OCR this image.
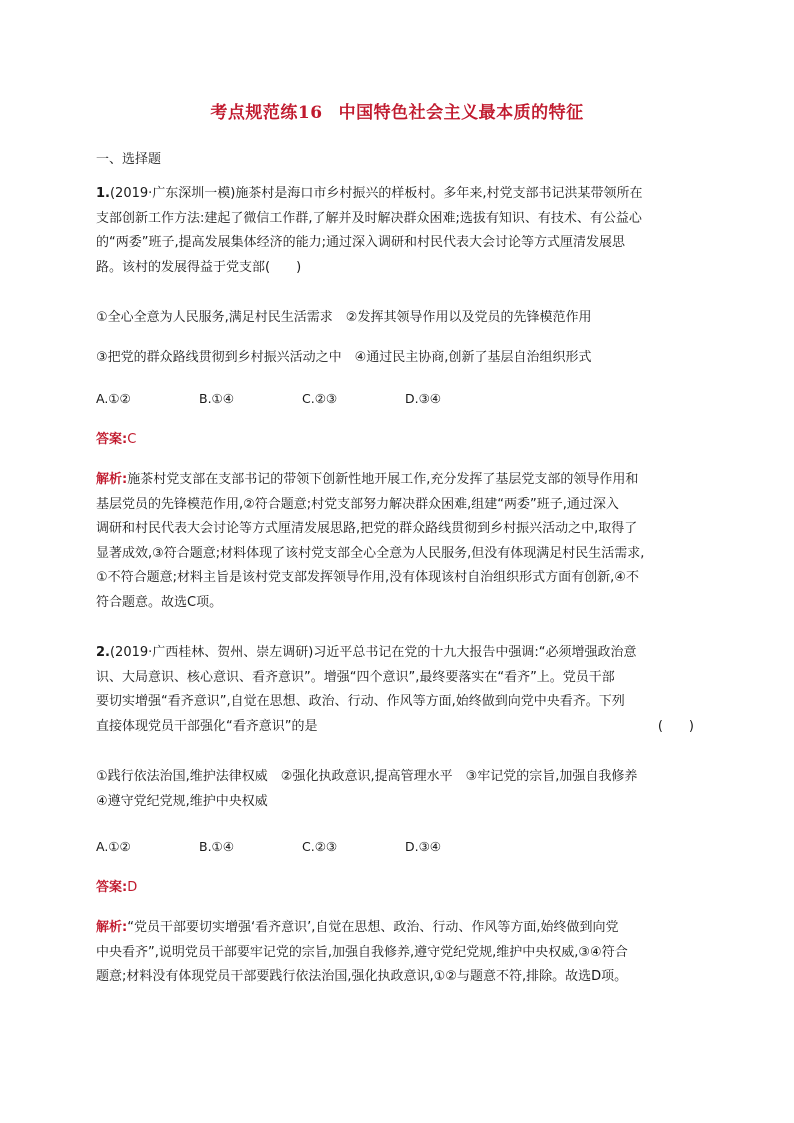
考点规范练16 中国特色社会主义最本质的特征
一、选择题

1.(2019·广东深圳一模)施茶村是海口市乡村振兴的样板村。多年来,村党支部书记洪某带领所在
支部创新工作方法:建起了微信工作群,了解并及时解决群众困难;选拔有知识、有技术、有公益心
的“两委”班子,提高发展集体经济的能力;通过深入调研和村民代表大会讨论等方式厘清发展思
路。该村的发展得益于党支部(　　)

①全心全意为人民服务,满足村民生活需求　②发挥其领导作用以及党员的先锋模范作用

③把党的群众路线贯彻到乡村振兴活动之中　④通过民主协商,创新了基层自治组织形式

A.①②	B.①④	C.②③	D.③④
答案:C

解析:施茶村党支部在支部书记的带领下创新性地开展工作,充分发挥了基层党支部的领导作用和
基层党员的先锋模范作用,②符合题意;村党支部努力解决群众困难,组建“两委”班子,通过深入
调研和村民代表大会讨论等方式厘清发展思路,把党的群众路线贯彻到乡村振兴活动之中,取得了
显著成效,③符合题意;材料体现了该村党支部全心全意为人民服务,但没有体现满足村民生活需求,
①不符合题意;材料主旨是该村党支部发挥领导作用,没有体现该村自治组织形式方面有创新,④不
符合题意。故选C项。

2.(2019·广西桂林、贺州、崇左调研)习近平总书记在党的十九大报告中强调:“必须增强政治意
识、大局意识、核心意识、看齐意识”。增强“四个意识”,最终要落实在“看齐”上。党员干部
要切实增强“看齐意识”,自觉在思想、政治、行动、作风等方面,始终做到向党中央看齐。下列
直接体现党员干部强化“看齐意识”的是	(　　)

①践行依法治国,维护法律权威　②强化执政意识,提高管理水平　③牢记党的宗旨,加强自我修养

④遵守党纪党规,维护中央权威

A.①②	B.①④	C.②③	D.③④
答案:D

解析:“党员干部要切实增强‘看齐意识’,自觉在思想、政治、行动、作风等方面,始终做到向党
中央看齐”,说明党员干部要牢记党的宗旨,加强自我修养,遵守党纪党规,维护中央权威,③④符合
题意;材料没有体现党员干部要践行依法治国,强化执政意识,①②与题意不符,排除。故选D项。
